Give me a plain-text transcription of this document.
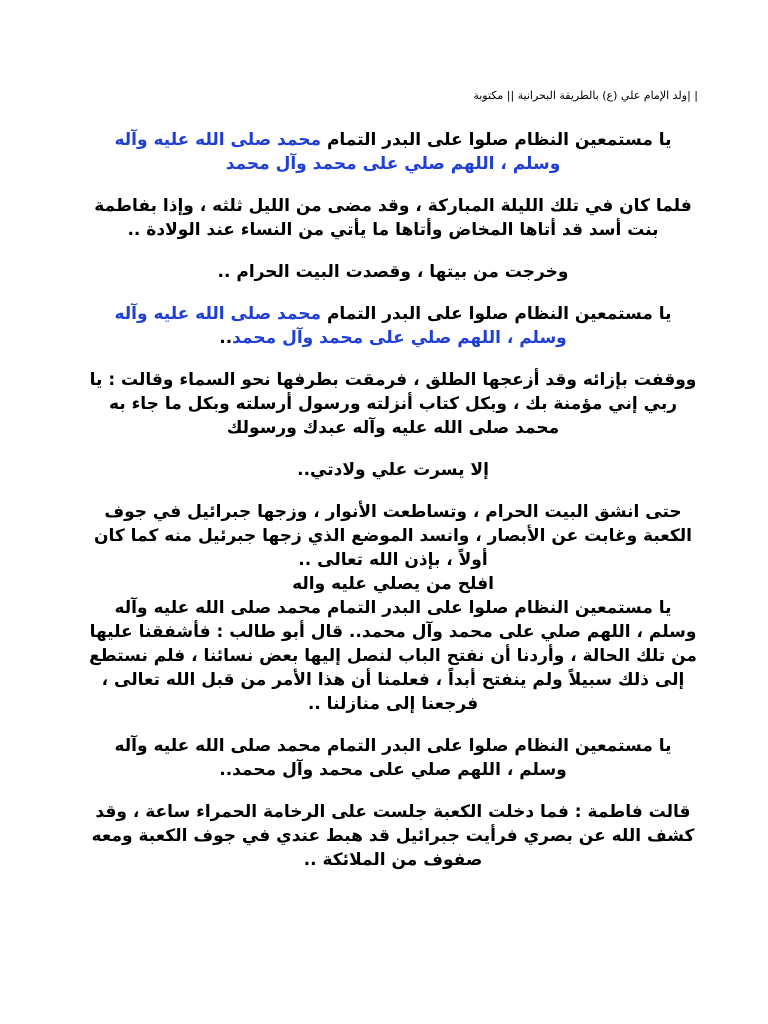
| |ولد الإمام علي (ع) بالطريقة البحرانية || مكتوبة

يا مستمعين النظام صلوا على البدر التمام محمد صلى الله عليه وآله وسلم ، اللهم صلي على محمد وآل محمد

فلما كان في تلك الليلة المباركة ، وقد مضى من الليل ثلثه ، وإذا بفاطمة بنت أسد قد أتاها المخاض وأتاها ما يأتي من النساء عند الولادة ..

وخرجت من بيتها ، وقصدت البيت الحرام ..

يا مستمعين النظام صلوا على البدر التمام محمد صلى الله عليه وآله وسلم ، اللهم صلي على محمد وآل محمد..

ووقفت بإزائه وقد أزعجها الطلق ، فرمقت بطرفها نحو السماء وقالت : يا ربي إني مؤمنة بك ، وبكل كتاب أنزلته ورسول أرسلته وبكل ما جاء به محمد صلى الله عليه وآله عبدك ورسولك

إلا يسرت علي ولادتي..

حتى انشق البيت الحرام ، وتساطعت الأنوار ، وزجها جبرائيل في جوف الكعبة وغابت عن الأبصار ، وانسد الموضع الذي زجها جبرئيل منه كما كان أولاً ، بإذن الله تعالى ..

افلح من يصلي عليه واله

يا مستمعين النظام صلوا على البدر التمام محمد صلى الله عليه وآله وسلم ، اللهم صلي على محمد وآل محمد.. قال أبو طالب : فأشفقنا عليها من تلك الحالة ، وأردنا أن نفتح الباب لنصل إليها بعض نسائنا ، فلم نستطع إلى ذلك سبيلاً ولم ينفتح أبداً ، فعلمنا أن هذا الأمر من قبل الله تعالى ، فرجعنا إلى منازلنا ..

يا مستمعين النظام صلوا على البدر التمام محمد صلى الله عليه وآله وسلم ، اللهم صلي على محمد وآل محمد..

قالت فاطمة : فما دخلت الكعبة جلست على الرخامة الحمراء ساعة ، وقد كشف الله عن بصري فرأيت جبرائيل قد هبط عندي في جوف الكعبة ومعه صفوف من الملائكة ..
